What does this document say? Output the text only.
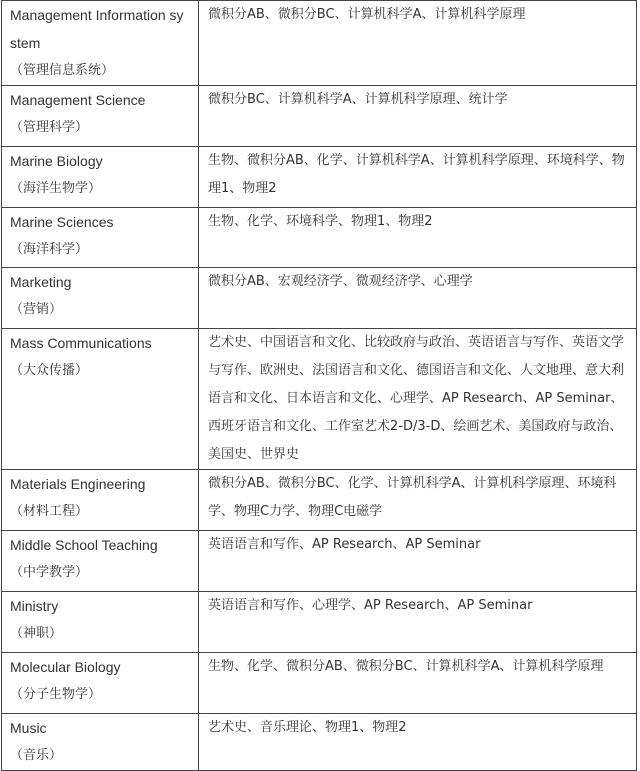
Management Information system
（管理信息系统）	微积分AB、微积分BC、计算机科学A、计算机科学原理

Management Science
（管理科学）	微积分BC、计算机科学A、计算机科学原理、统计学

Marine Biology
（海洋生物学）	生物、微积分AB、化学、计算机科学A、计算机科学原理、环境科学、物理1、物理2

Marine Sciences
（海洋科学）	生物、化学、环境科学、物理1、物理2

Marketing
（营销）	微积分AB、宏观经济学、微观经济学、心理学

Mass Communications
（大众传播）	艺术史、中国语言和文化、比较政府与政治、英语语言与写作、英语文学与写作、欧洲史、法国语言和文化、德国语言和文化、人文地理、意大利语言和文化、日本语言和文化、心理学、AP Research、AP Seminar、西班牙语言和文化、工作室艺术2-D/3-D、绘画艺术、美国政府与政治、美国史、世界史

Materials Engineering
（材料工程）	微积分AB、微积分BC、化学、计算机科学A、计算机科学原理、环境科学、物理C力学、物理C电磁学

Middle School Teaching
（中学教学）	英语语言和写作、AP Research、AP Seminar

Ministry
（神职）	英语语言和写作、心理学、AP Research、AP Seminar

Molecular Biology
（分子生物学）	生物、化学、微积分AB、微积分BC、计算机科学A、计算机科学原理

Music
（音乐）	艺术史、音乐理论、物理1、物理2
